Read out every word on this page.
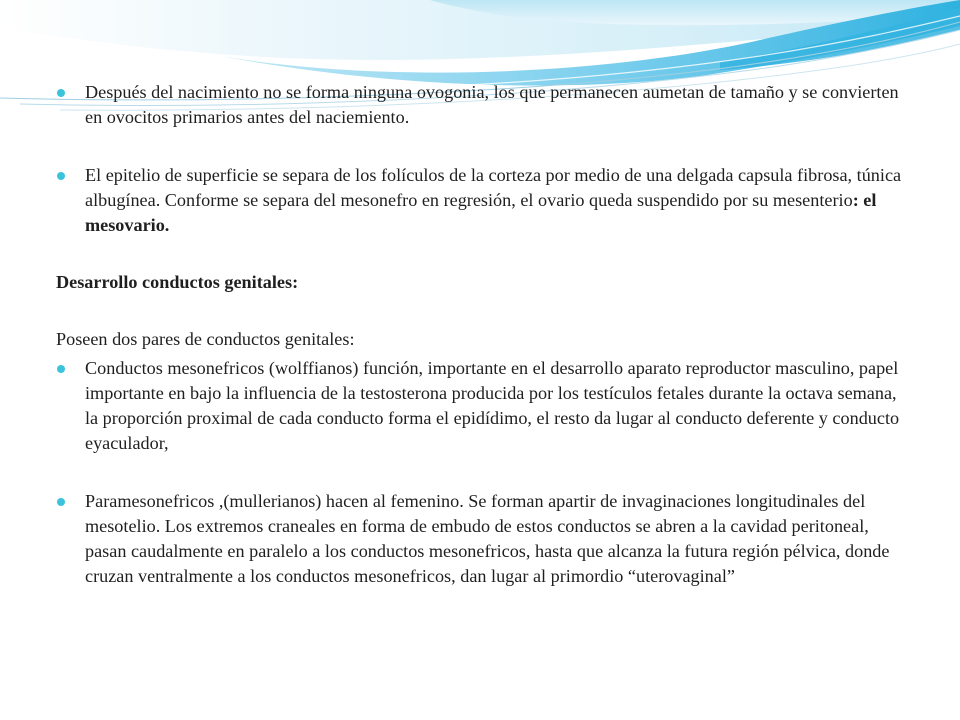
Después del nacimiento no se forma ninguna ovogonia, los que permanecen aumetan de tamaño y se convierten en ovocitos primarios antes del naciemiento.

El epitelio de superficie se separa de los folículos de la corteza por medio de una delgada capsula fibrosa, túnica albugínea. Conforme se separa del mesonefro en regresión, el ovario queda suspendido por su mesenterio: el mesovario.

Desarrollo conductos genitales:

Poseen dos pares de conductos genitales:

Conductos mesonefricos (wolffianos) función, importante en el desarrollo aparato reproductor masculino, papel importante en bajo la influencia de la testosterona producida por los testículos fetales durante la octava semana, la proporción proximal de cada conducto forma el epidídimo, el resto da lugar al conducto deferente y conducto eyaculador,

Paramesonefricos ,(mullerianos) hacen al femenino. Se forman apartir de invaginaciones longitudinales del mesotelio. Los extremos craneales en forma de embudo de estos conductos se abren a la cavidad peritoneal, pasan caudalmente en paralelo a los conductos mesonefricos, hasta que alcanza la futura región pélvica, donde cruzan ventralmente a los conductos mesonefricos, dan lugar al primordio “uterovaginal”
